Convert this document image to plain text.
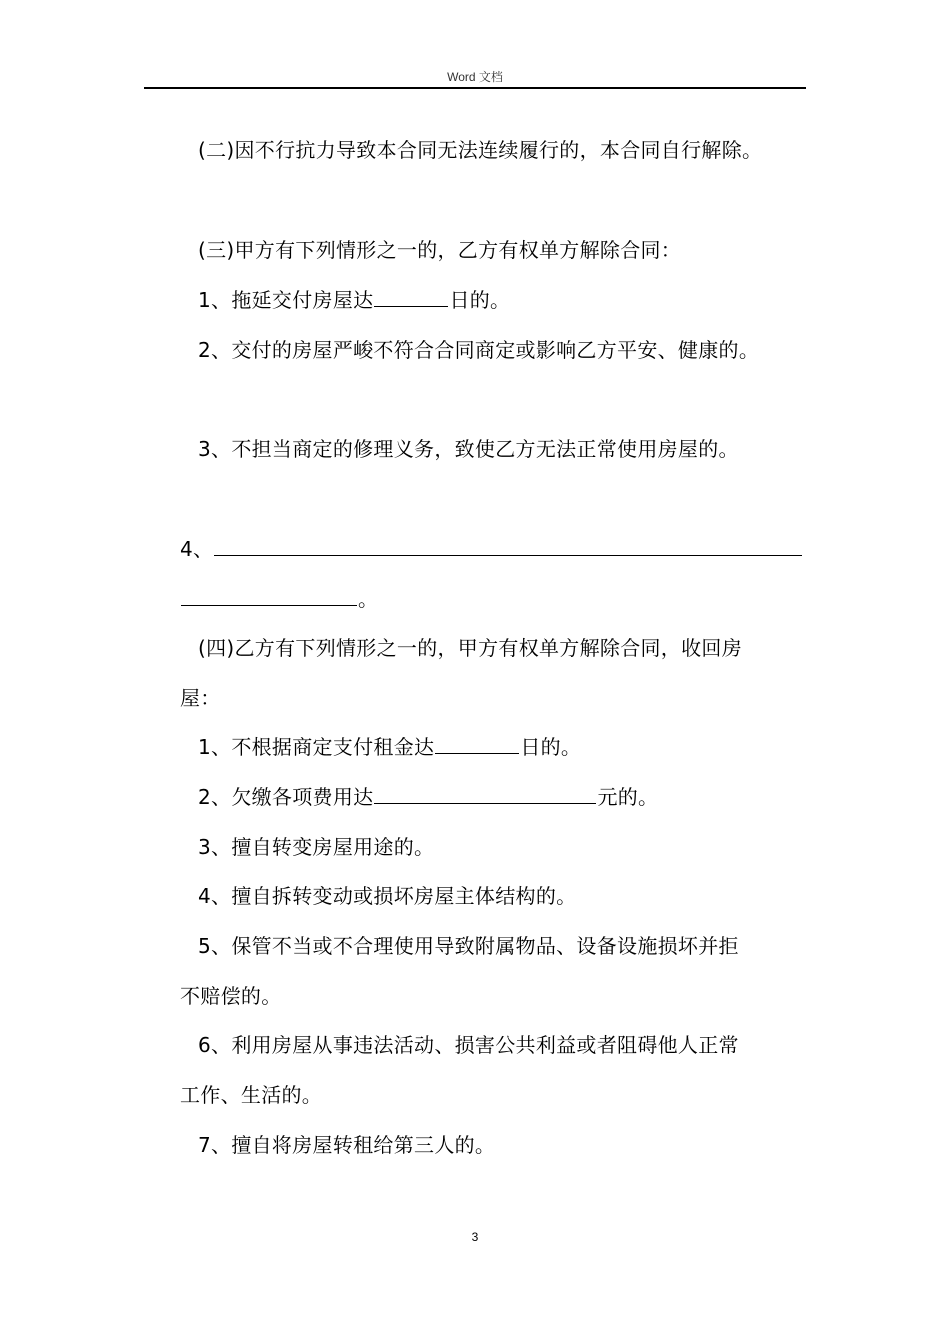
Word 文档
(二)因不行抗力导致本合同无法连续履行的，本合同自行解除。
(三)甲方有下列情形之一的，乙方有权单方解除合同：
1、拖延交付房屋达	日的。
2、交付的房屋严峻不符合合同商定或影响乙方平安、健康的。
3、不担当商定的修理义务，致使乙方无法正常使用房屋的。
4、
。
(四)乙方有下列情形之一的，甲方有权单方解除合同，收回房
屋：
1、不根据商定支付租金达	日的。
2、欠缴各项费用达	元的。
3、擅自转变房屋用途的。
4、擅自拆转变动或损坏房屋主体结构的。
5、保管不当或不合理使用导致附属物品、设备设施损坏并拒
不赔偿的。
6、利用房屋从事违法活动、损害公共利益或者阻碍他人正常
工作、生活的。
7、擅自将房屋转租给第三人的。
3
